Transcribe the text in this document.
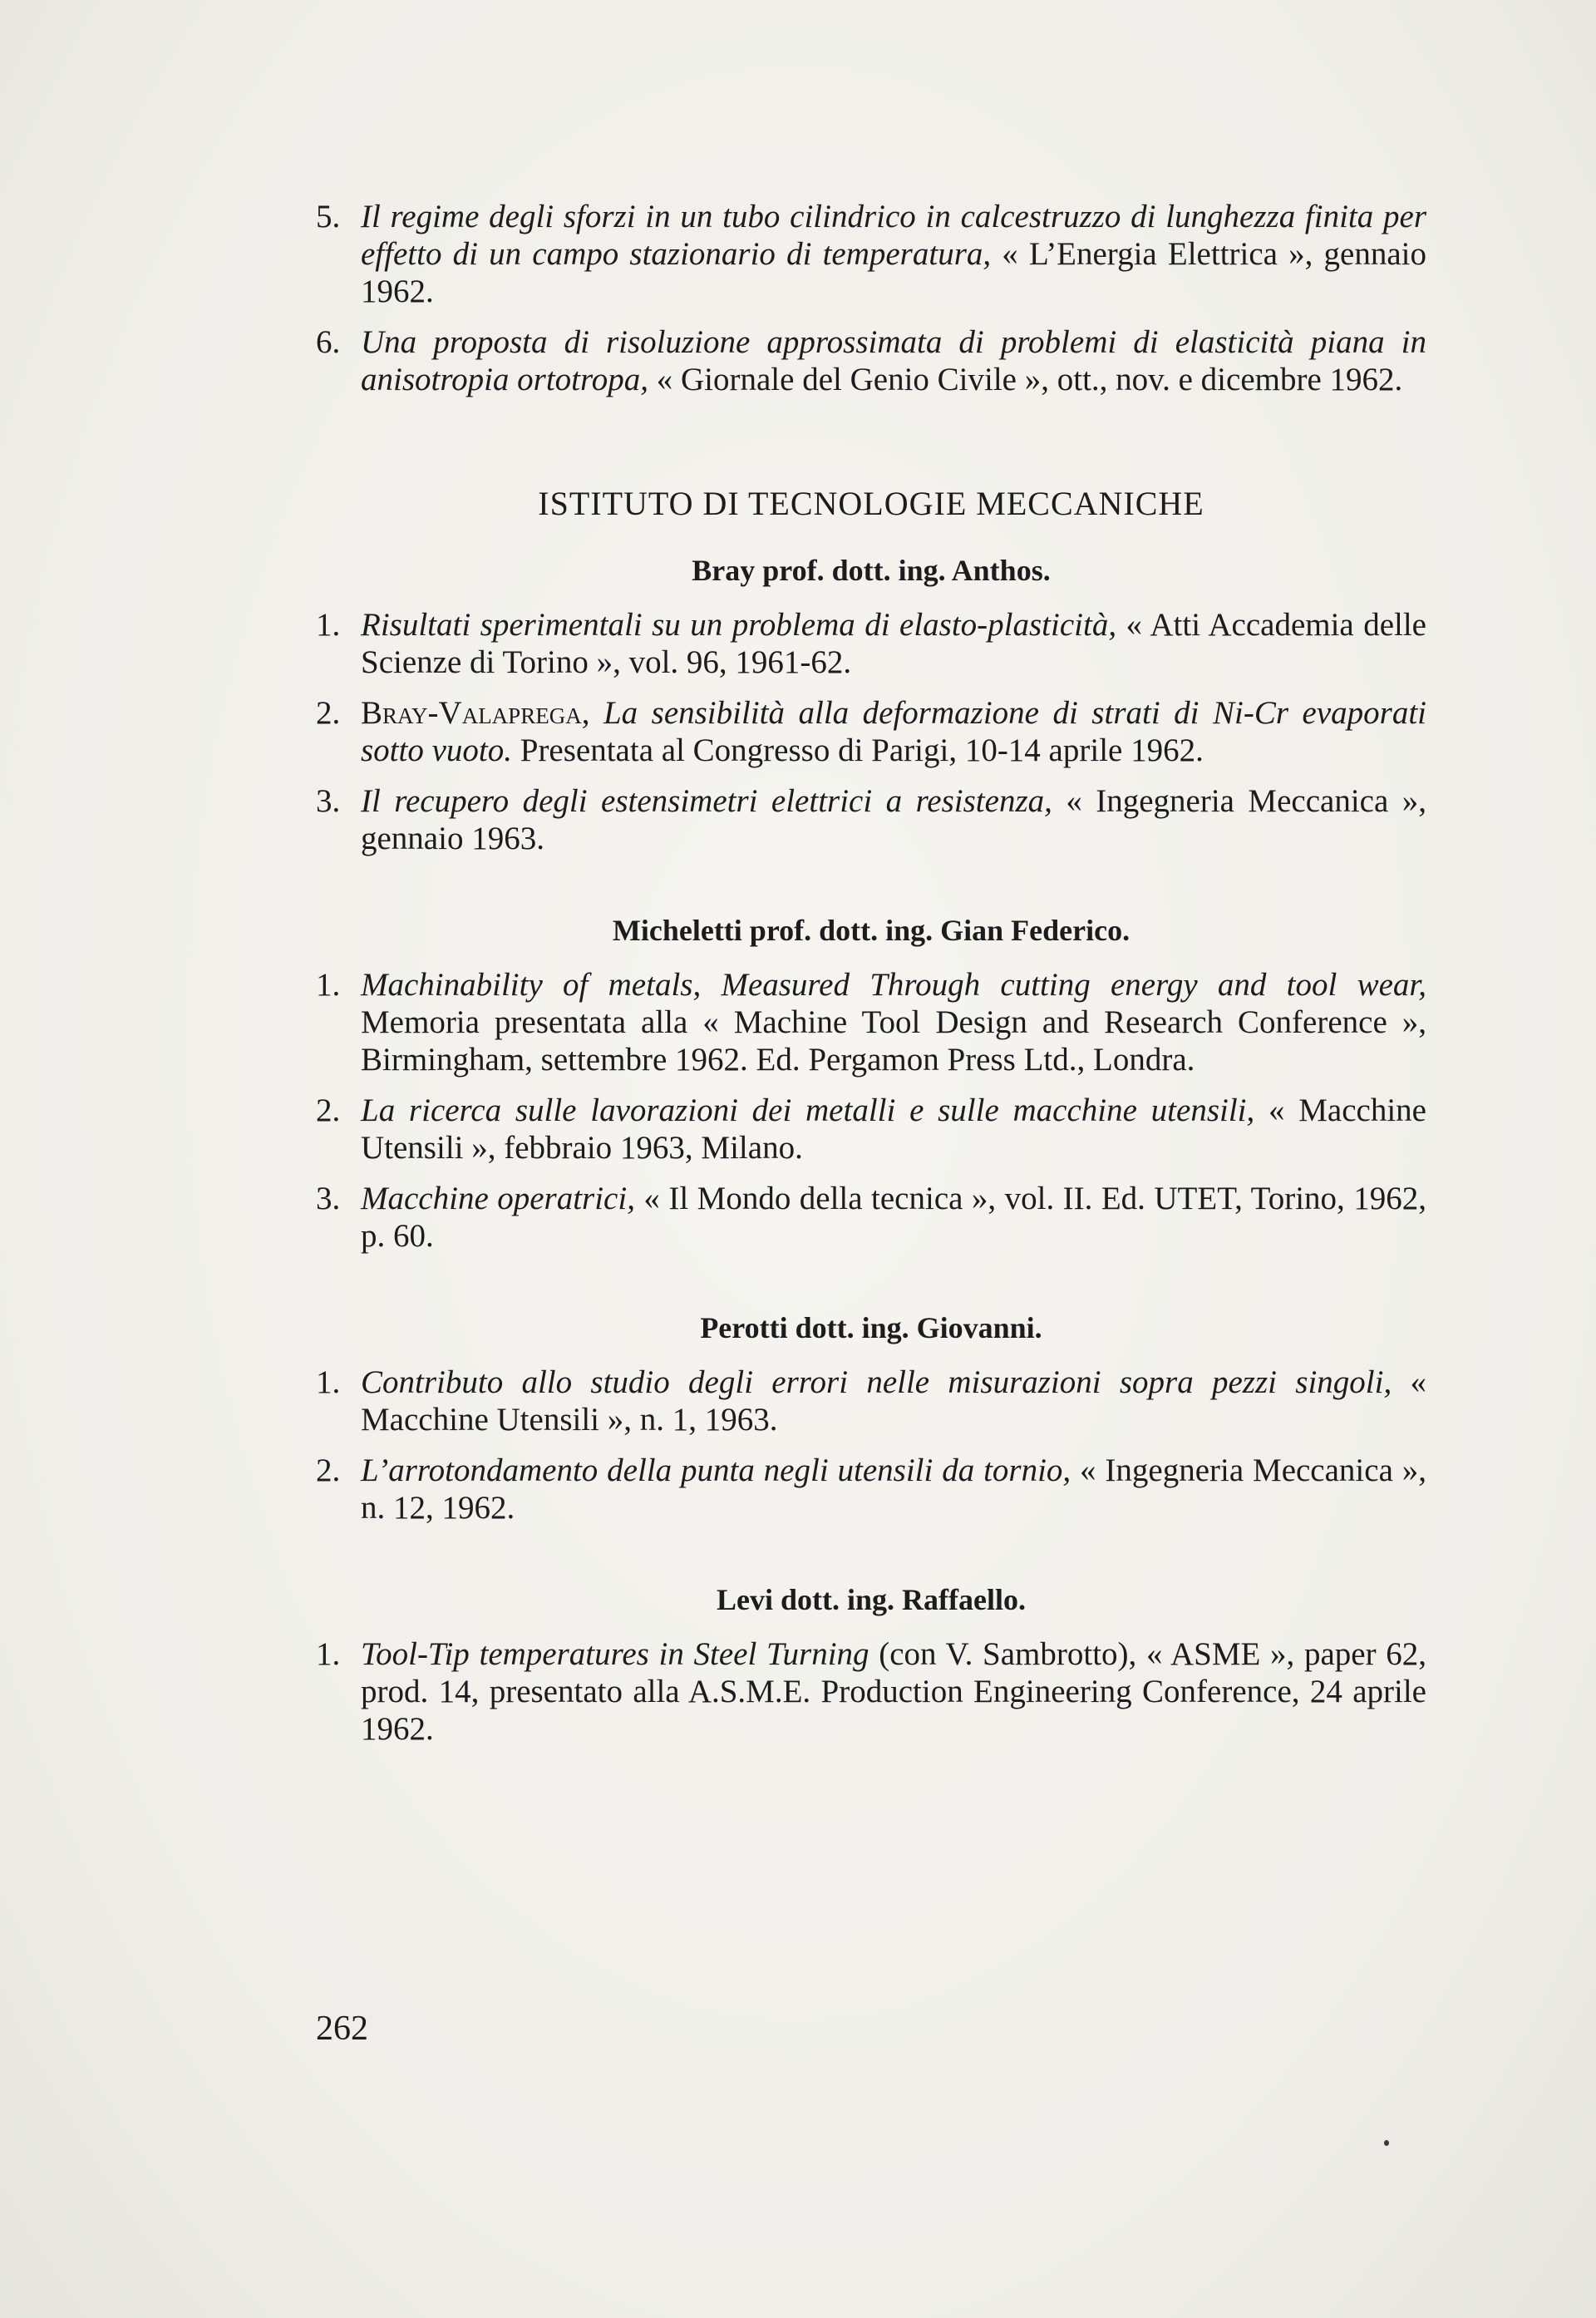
5. Il regime degli sforzi in un tubo cilindrico in calcestruzzo di lunghezza finita per effetto di un campo stazionario di temperatura, « L’Energia Elettrica », gennaio 1962.
6. Una proposta di risoluzione approssimata di problemi di elasticità piana in anisotropia ortotropa, « Giornale del Genio Civile », ott., nov. e dicembre 1962.
ISTITUTO DI TECNOLOGIE MECCANICHE
Bray prof. dott. ing. Anthos.
1. Risultati sperimentali su un problema di elasto-plasticità, « Atti Accademia delle Scienze di Torino », vol. 96, 1961-62.
2. Bray-Valaprega, La sensibilità alla deformazione di strati di Ni-Cr evaporati sotto vuoto. Presentata al Congresso di Parigi, 10-14 aprile 1962.
3. Il recupero degli estensimetri elettrici a resistenza, « Ingegneria Meccanica », gennaio 1963.
Micheletti prof. dott. ing. Gian Federico.
1. Machinability of metals, Measured Through cutting energy and tool wear, Memoria presentata alla « Machine Tool Design and Research Conference », Birmingham, settembre 1962. Ed. Pergamon Press Ltd., Londra.
2. La ricerca sulle lavorazioni dei metalli e sulle macchine utensili, « Macchine Utensili », febbraio 1963, Milano.
3. Macchine operatrici, « Il Mondo della tecnica », vol. II. Ed. UTET, Torino, 1962, p. 60.
Perotti dott. ing. Giovanni.
1. Contributo allo studio degli errori nelle misurazioni sopra pezzi singoli, « Macchine Utensili », n. 1, 1963.
2. L’arrotondamento della punta negli utensili da tornio, « Ingegneria Meccanica », n. 12, 1962.
Levi dott. ing. Raffaello.
1. Tool-Tip temperatures in Steel Turning (con V. Sambrotto), « ASME », paper 62, prod. 14, presentato alla A.S.M.E. Production Engineering Conference, 24 aprile 1962.
262
